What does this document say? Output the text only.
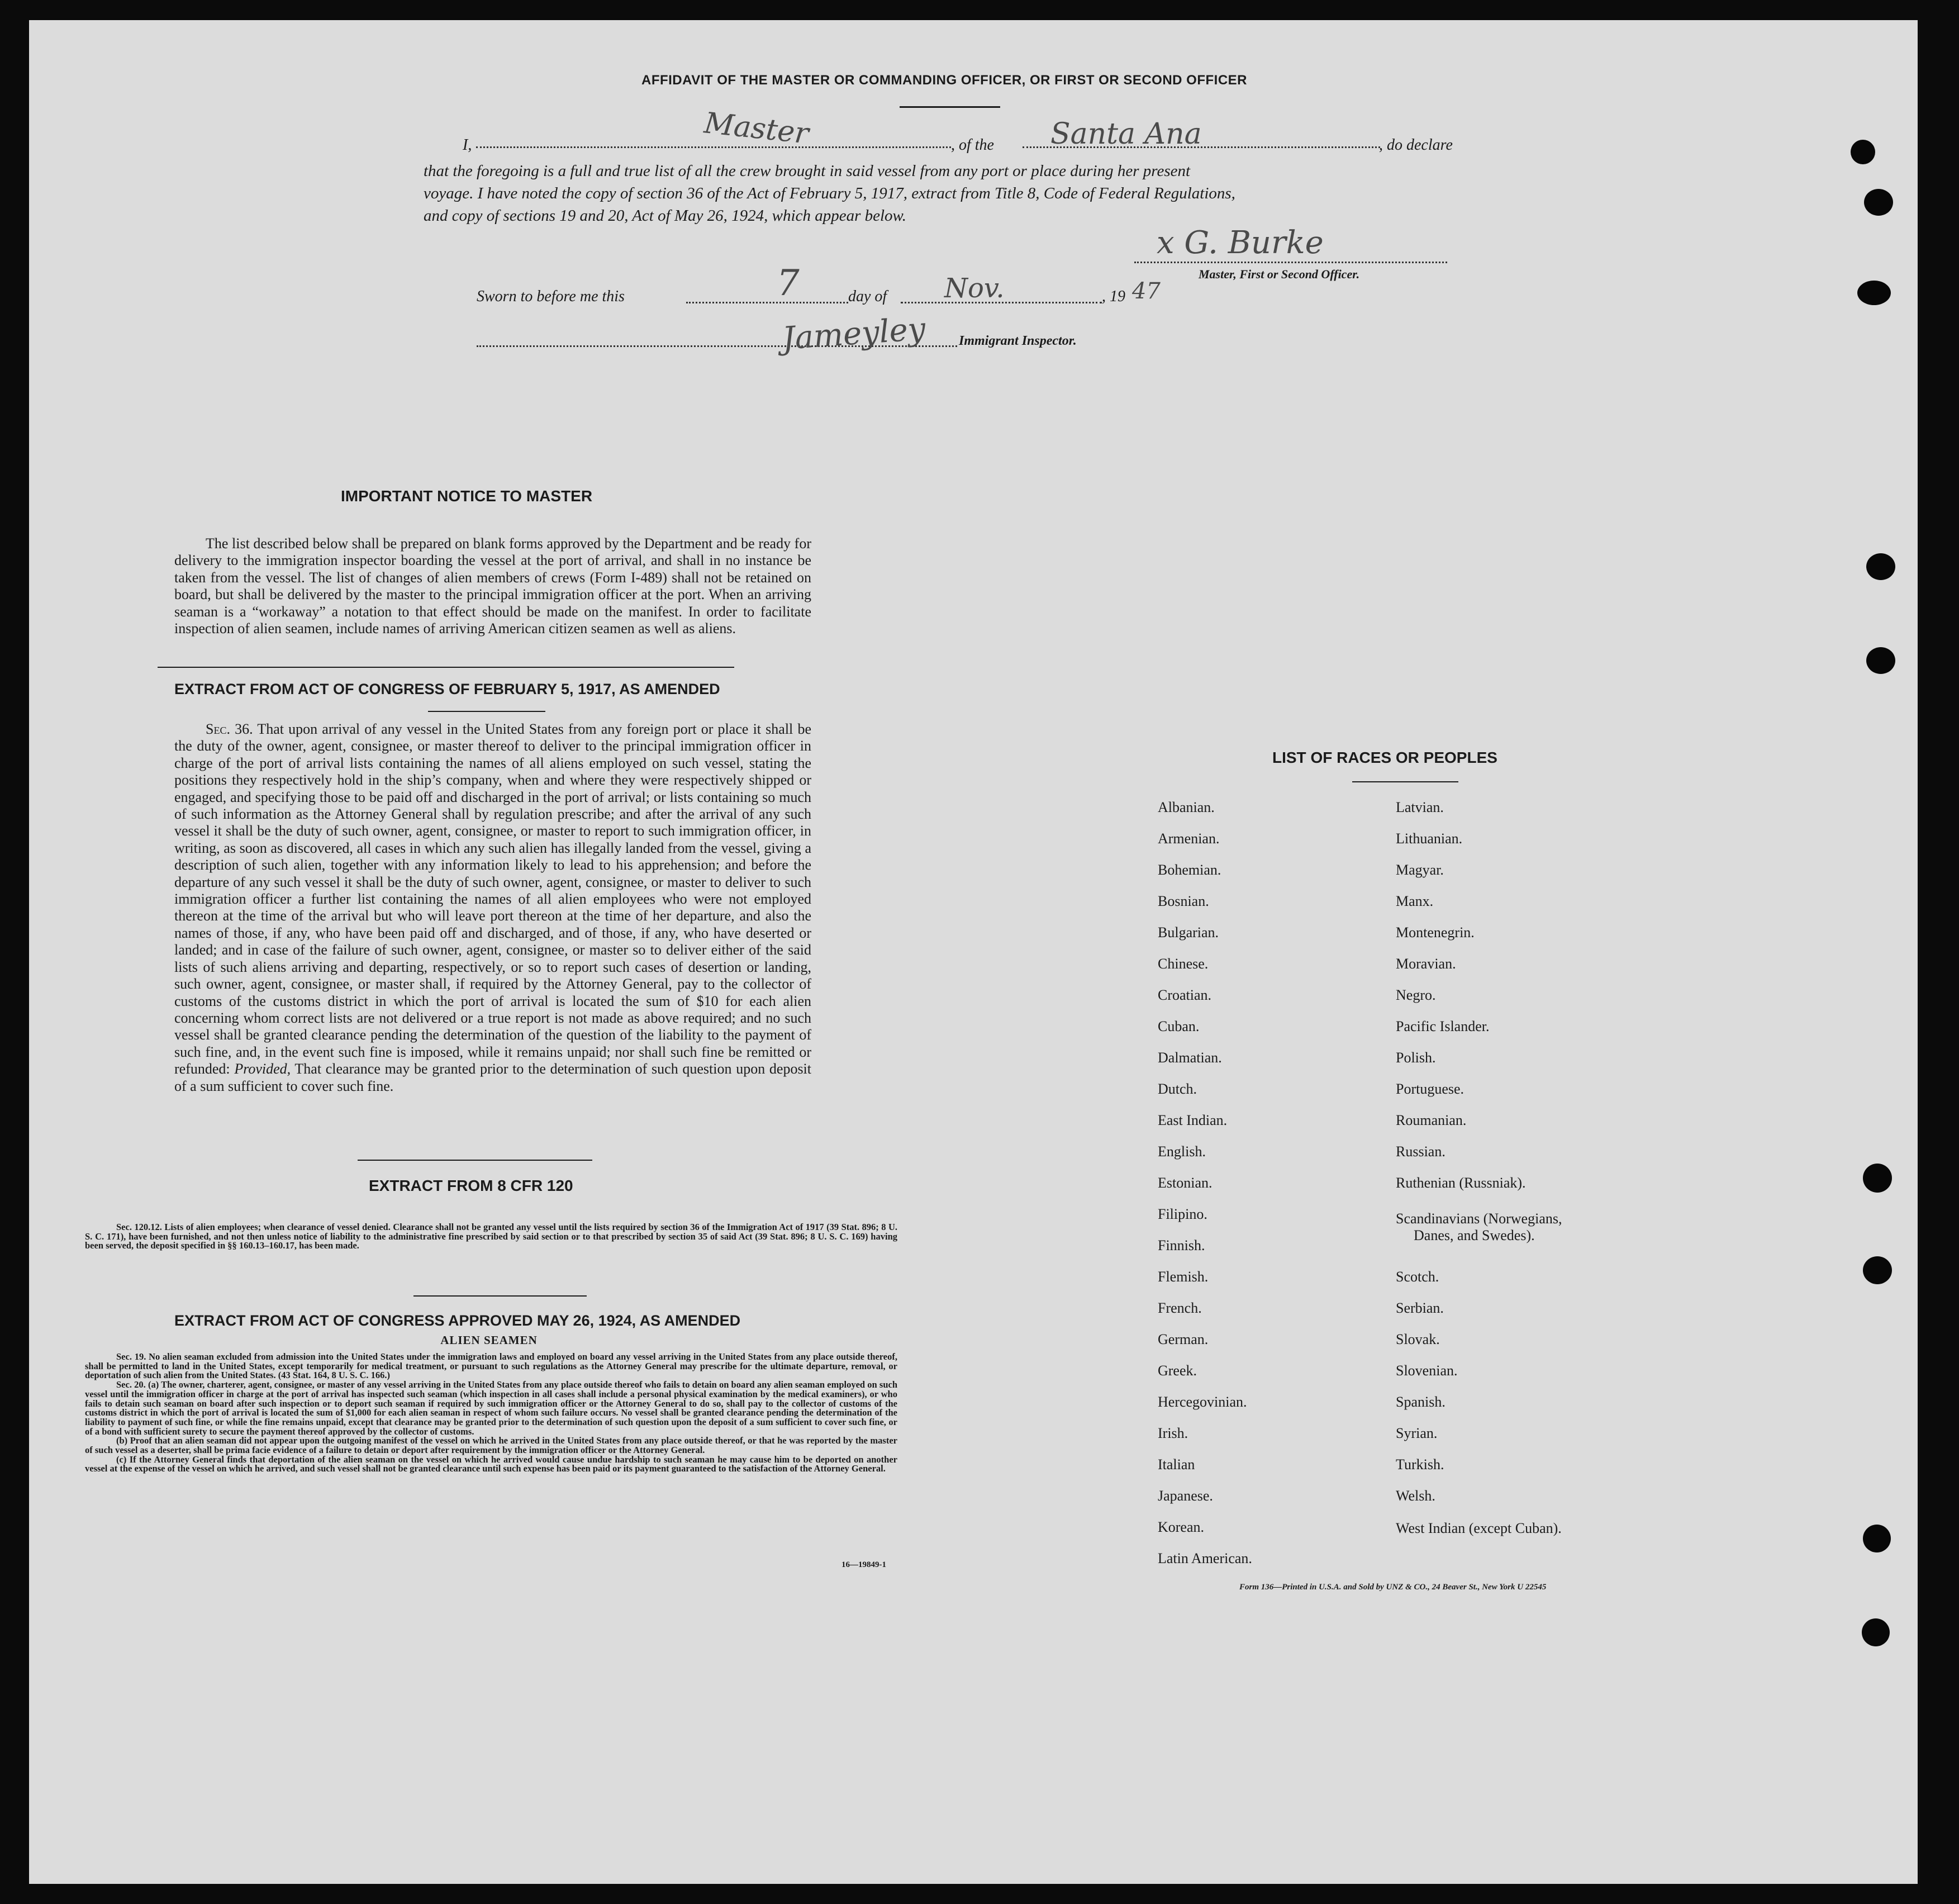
AFFIDAVIT OF THE MASTER OR COMMANDING OFFICER, OR FIRST OR SECOND OFFICER
I,	Master	, of the Santa Ana	, do declare
that the foregoing is a full and true list of all the crew brought in said vessel from any port or place during her present
voyage. I have noted the copy of section 36 of the Act of February 5, 1917, extract from Title 8, Code of Federal Regulations,
and copy of sections 19 and 20, Act of May 26, 1924, which appear below.
x G. Burke
Master, First or Second Officer.
Sworn to before me this	7	day of Nov.	, 19 47
Jameyley Immigrant Inspector.
IMPORTANT NOTICE TO MASTER

The list described below shall be prepared on blank forms approved by the Department and be ready for delivery to the immigration inspector boarding the vessel at the port of arrival, and shall in no instance be taken from the vessel. The list of changes of alien members of crews (Form I-489) shall not be retained on board, but shall be delivered by the master to the principal immigration officer at the port. When an arriving seaman is a “workaway” a notation to that effect should be made on the manifest. In order to facilitate inspection of alien seamen, include names of arriving American citizen seamen as well as aliens.

EXTRACT FROM ACT OF CONGRESS OF FEBRUARY 5, 1917, AS AMENDED

Sec. 36. That upon arrival of any vessel in the United States from any foreign port or place it shall be the duty of the owner, agent, consignee, or master thereof to deliver to the principal immigration officer in charge of the port of arrival lists containing the names of all aliens employed on such vessel, stating the positions they respectively hold in the ship’s company, when and where they were respectively shipped or engaged, and specifying those to be paid off and discharged in the port of arrival; or lists containing so much of such information as the Attorney General shall by regulation prescribe; and after the arrival of any such vessel it shall be the duty of such owner, agent, consignee, or master to report to such immigration officer, in writing, as soon as discovered, all cases in which any such alien has illegally landed from the vessel, giving a description of such alien, together with any information likely to lead to his apprehension; and before the departure of any such vessel it shall be the duty of such owner, agent, consignee, or master to deliver to such immigration officer a further list containing the names of all alien employees who were not employed thereon at the time of the arrival but who will leave port thereon at the time of her departure, and also the names of those, if any, who have been paid off and discharged, and of those, if any, who have deserted or landed; and in case of the failure of such owner, agent, consignee, or master so to deliver either of the said lists of such aliens arriving and departing, respectively, or so to report such cases of desertion or landing, such owner, agent, consignee, or master shall, if required by the Attorney General, pay to the collector of customs of the customs district in which the port of arrival is located the sum of $10 for each alien concerning whom correct lists are not delivered or a true report is not made as above required; and no such vessel shall be granted clearance pending the determination of the question of the liability to the payment of such fine, and, in the event such fine is imposed, while it remains unpaid; nor shall such fine be remitted or refunded: Provided, That clearance may be granted prior to the determination of such question upon deposit of a sum sufficient to cover such fine.

EXTRACT FROM 8 CFR 120

Sec. 120.12. Lists of alien employees; when clearance of vessel denied. Clearance shall not be granted any vessel until the lists required by section 36 of the Immigration Act of 1917 (39 Stat. 896; 8 U. S. C. 171), have been furnished, and not then unless notice of liability to the administrative fine prescribed by said section or to that prescribed by section 35 of said Act (39 Stat. 896; 8 U. S. C. 169) having been served, the deposit specified in §§ 160.13–160.17, has been made.

EXTRACT FROM ACT OF CONGRESS APPROVED MAY 26, 1924, AS AMENDED
ALIEN SEAMEN

Sec. 19. No alien seaman excluded from admission into the United States under the immigration laws and employed on board any vessel arriving in the United States from any place outside thereof, shall be permitted to land in the United States, except temporarily for medical treatment, or pursuant to such regulations as the Attorney General may prescribe for the ultimate departure, removal, or deportation of such alien from the United States. (43 Stat. 164, 8 U. S. C. 166.)

Sec. 20. (a) The owner, charterer, agent, consignee, or master of any vessel arriving in the United States from any place outside thereof who fails to detain on board any alien seaman employed on such vessel until the immigration officer in charge at the port of arrival has inspected such seaman (which inspection in all cases shall include a personal physical examination by the medical examiners), or who fails to detain such seaman on board after such inspection or to deport such seaman if required by such immigration officer or the Attorney General to do so, shall pay to the collector of customs of the customs district in which the port of arrival is located the sum of $1,000 for each alien seaman in respect of whom such failure occurs. No vessel shall be granted clearance pending the determination of the liability to payment of such fine, or while the fine remains unpaid, except that clearance may be granted prior to the determination of such question upon the deposit of a sum sufficient to cover such fine, or of a bond with sufficient surety to secure the payment thereof approved by the collector of customs.

(b) Proof that an alien seaman did not appear upon the outgoing manifest of the vessel on which he arrived in the United States from any place outside thereof, or that he was reported by the master of such vessel as a deserter, shall be prima facie evidence of a failure to detain or deport after requirement by the immigration officer or the Attorney General.

(c) If the Attorney General finds that deportation of the alien seaman on the vessel on which he arrived would cause undue hardship to such seaman he may cause him to be deported on another vessel at the expense of the vessel on which he arrived, and such vessel shall not be granted clearance until such expense has been paid or its payment guaranteed to the satisfaction of the Attorney General.

16—19849-1
LIST OF RACES OR PEOPLES
Albanian.
Armenian.
Bohemian.
Bosnian.
Bulgarian.
Chinese.
Croatian.
Cuban.
Dalmatian.
Dutch.
East Indian.
English.
Estonian.
Filipino.
Finnish.
Flemish.
French.
German.
Greek.
Hercegovinian.
Irish.
Italian
Japanese.
Korean.
Latin American.
Latvian.
Lithuanian.
Magyar.
Manx.
Montenegrin.
Moravian.
Negro.
Pacific Islander.
Polish.
Portuguese.
Roumanian.
Russian.
Ruthenian (Russniak).
Scandinavians (Norwegians,
Danes, and Swedes).
Scotch.
Serbian.
Slovak.
Slovenian.
Spanish.
Syrian.
Turkish.
Welsh.
West Indian (except Cuban).
Form 136—Printed in U.S.A. and Sold by UNZ & CO., 24 Beaver St., New York U 22545
